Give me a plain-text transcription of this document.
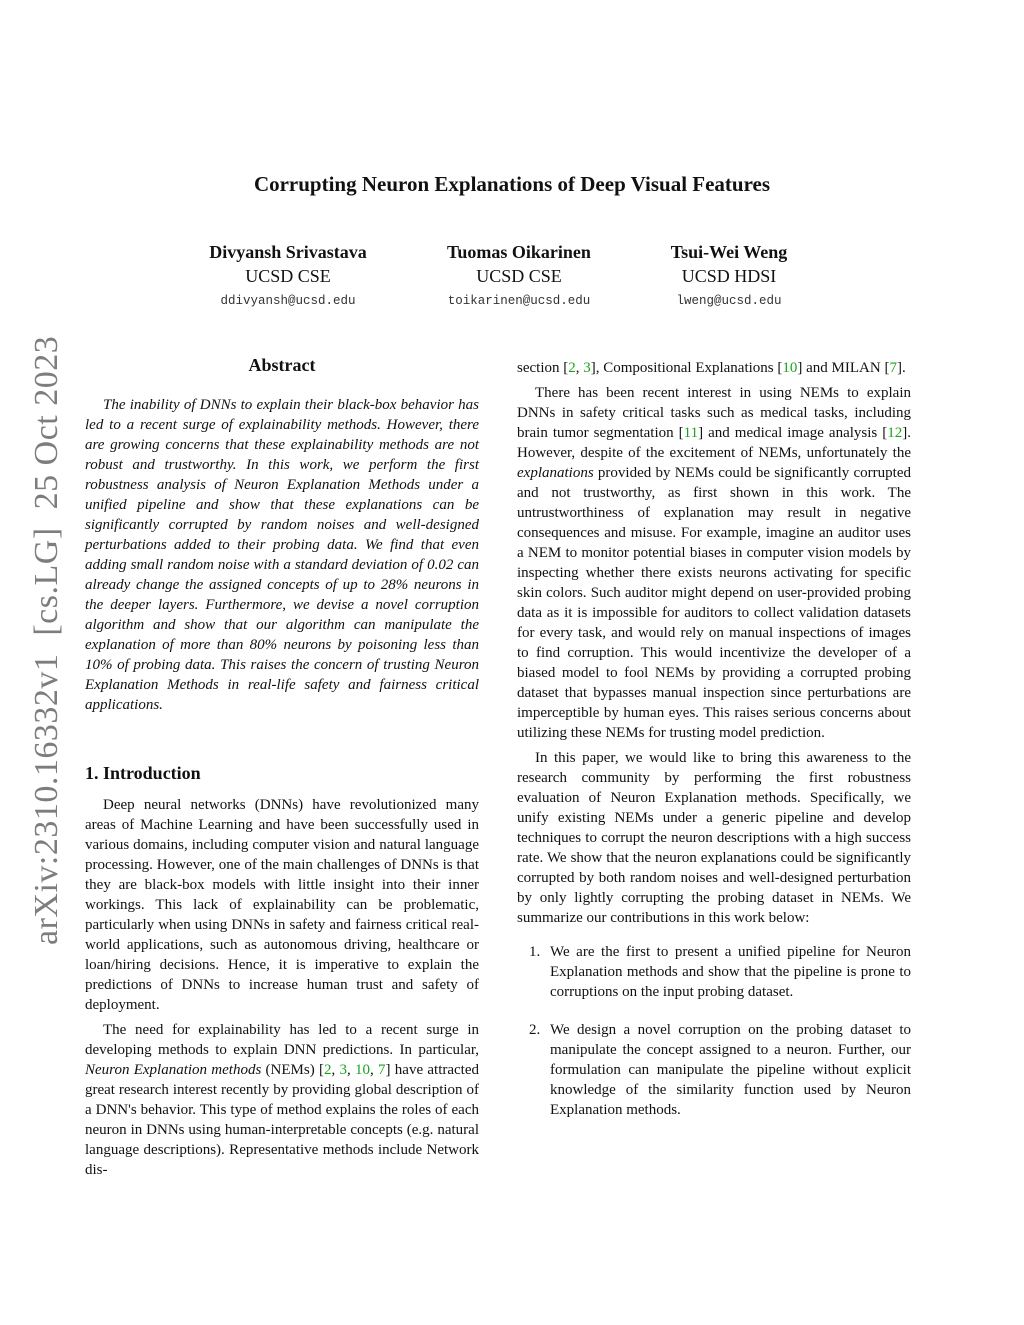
Corrupting Neuron Explanations of Deep Visual Features
Divyansh Srivastava
UCSD CSE
ddivyansh@ucsd.edu
Tuomas Oikarinen
UCSD CSE
toikarinen@ucsd.edu
Tsui-Wei Weng
UCSD HDSI
lweng@ucsd.edu
arXiv:2310.16332v1  [cs.LG]  25 Oct 2023	Abstract

The inability of DNNs to explain their black-box behavior has led to a recent surge of explainability methods. However, there are growing concerns that these explainability methods are not robust and trustworthy. In this work, we perform the first robustness analysis of Neuron Explanation Methods under a unified pipeline and show that these explanations can be significantly corrupted by random noises and well-designed perturbations added to their probing data. We find that even adding small random noise with a standard deviation of 0.02 can already change the assigned concepts of up to 28% neurons in the deeper layers. Furthermore, we devise a novel corruption algorithm and show that our algorithm can manipulate the explanation of more than 80% neurons by poisoning less than 10% of probing data. This raises the concern of trusting Neuron Explanation Methods in real-life safety and fairness critical applications.

1. Introduction

Deep neural networks (DNNs) have revolutionized many areas of Machine Learning and have been successfully used in various domains, including computer vision and natural language processing. However, one of the main challenges of DNNs is that they are black-box models with little insight into their inner workings. This lack of explainability can be problematic, particularly when using DNNs in safety and fairness critical real-world applications, such as autonomous driving, healthcare or loan/hiring decisions. Hence, it is imperative to explain the predictions of DNNs to increase human trust and safety of deployment.

The need for explainability has led to a recent surge in developing methods to explain DNN predictions. In particular, Neuron Explanation methods (NEMs) [2, 3, 10, 7] have attracted great research interest recently by providing global description of a DNN's behavior. This type of method explains the roles of each neuron in DNNs using human-interpretable concepts (e.g. natural language descriptions). Representative methods include Network dis-

section [2, 3], Compositional Explanations [10] and MILAN [7].

There has been recent interest in using NEMs to explain DNNs in safety critical tasks such as medical tasks, including brain tumor segmentation [11] and medical image analysis [12]. However, despite of the excitement of NEMs, unfortunately the explanations provided by NEMs could be significantly corrupted and not trustworthy, as first shown in this work. The untrustworthiness of explanation may result in negative consequences and misuse. For example, imagine an auditor uses a NEM to monitor potential biases in computer vision models by inspecting whether there exists neurons activating for specific skin colors. Such auditor might depend on user-provided probing data as it is impossible for auditors to collect validation datasets for every task, and would rely on manual inspections of images to find corruption. This would incentivize the developer of a biased model to fool NEMs by providing a corrupted probing dataset that bypasses manual inspection since perturbations are imperceptible by human eyes. This raises serious concerns about utilizing these NEMs for trusting model prediction.

In this paper, we would like to bring this awareness to the research community by performing the first robustness evaluation of Neuron Explanation methods. Specifically, we unify existing NEMs under a generic pipeline and develop techniques to corrupt the neuron descriptions with a high success rate. We show that the neuron explanations could be significantly corrupted by both random noises and well-designed perturbation by only lightly corrupting the probing dataset in NEMs. We summarize our contributions in this work below:

1. We are the first to present a unified pipeline for Neuron Explanation methods and show that the pipeline is prone to corruptions on the input probing dataset.
2. We design a novel corruption on the probing dataset to manipulate the concept assigned to a neuron. Further, our formulation can manipulate the pipeline without explicit knowledge of the similarity function used by Neuron Explanation methods.
